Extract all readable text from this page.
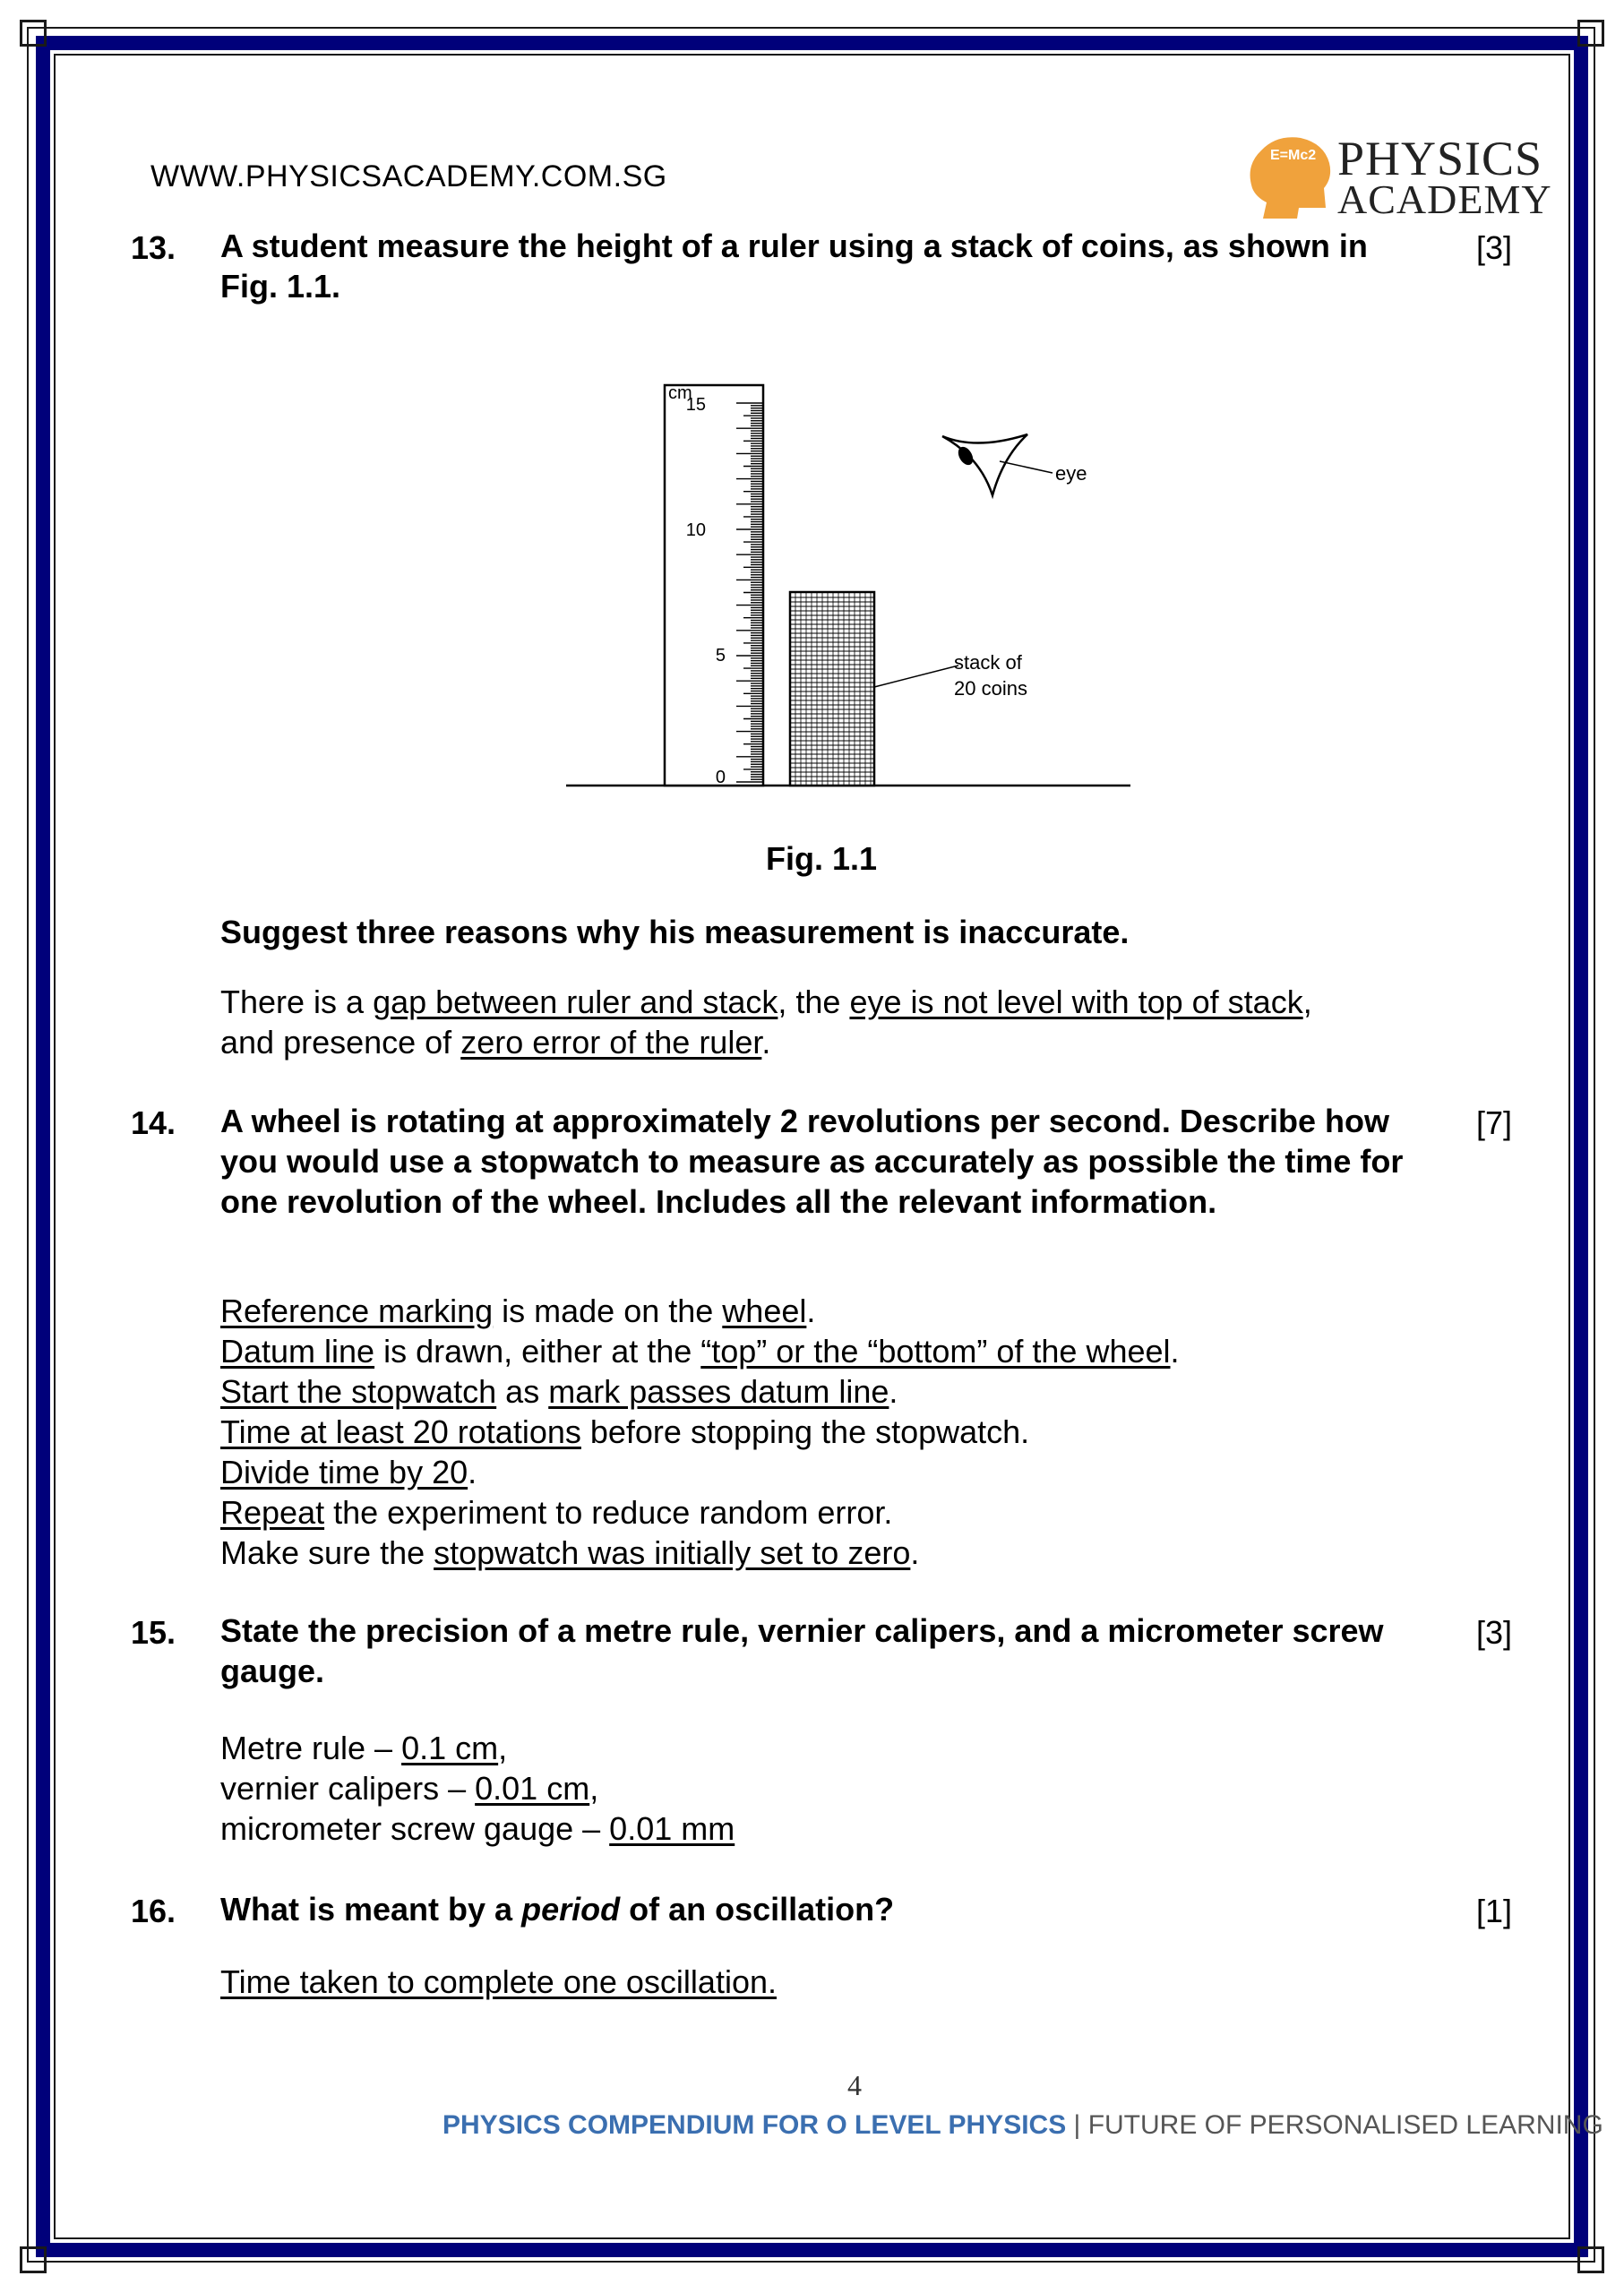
WWW.PHYSICSACADEMY.COM.SG
E=Mc2 PHYSICS
ACADEMY
13. A student measure the height of a ruler using a stack of coins, as shown in Fig. 1.1.
[3]
cm
15
10
5
0
stack of
20 coins
eye
Fig. 1.1
Suggest three reasons why his measurement is inaccurate.
There is a gap between ruler and stack, the eye is not level with top of stack,
and presence of zero error of the ruler.
14. A wheel is rotating at approximately 2 revolutions per second. Describe how you would use a stopwatch to measure as accurately as possible the time for one revolution of the wheel. Includes all the relevant information.
[7]
Reference marking is made on the wheel.
Datum line is drawn, either at the “top” or the “bottom” of the wheel.
Start the stopwatch as mark passes datum line.
Time at least 20 rotations before stopping the stopwatch.
Divide time by 20.
Repeat the experiment to reduce random error.
Make sure the stopwatch was initially set to zero.
15. State the precision of a metre rule, vernier calipers, and a micrometer screw gauge.
[3]
Metre rule – 0.1 cm,
vernier calipers – 0.01 cm,
micrometer screw gauge – 0.01 mm
16. What is meant by a period of an oscillation?	[1]
Time taken to complete one oscillation.
4
PHYSICS COMPENDIUM FOR O LEVEL PHYSICS | FUTURE OF PERSONALISED LEARNING
